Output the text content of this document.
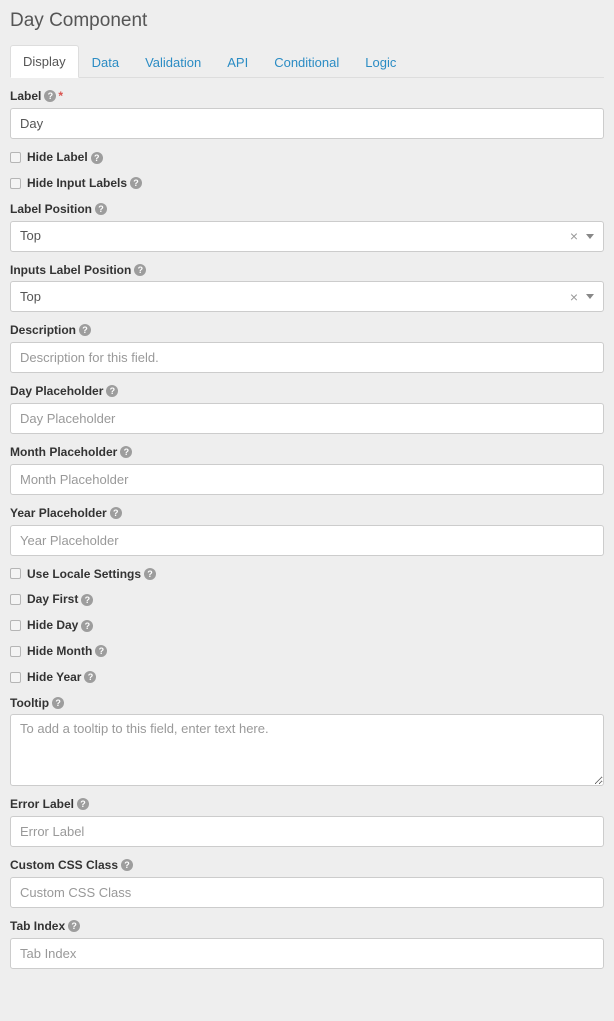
Day Component
Display	Data	Validation	API	Conditional	Logic
Label ? *
Day
Hide Label ?
Hide Input Labels ?
Label Position ?
Top	×
Inputs Label Position ?
Top	×
Description ?
Description for this field.
Day Placeholder ?
Day Placeholder
Month Placeholder ?
Month Placeholder
Year Placeholder ?
Year Placeholder
Use Locale Settings ?
Day First ?
Hide Day ?
Hide Month ?
Hide Year ?
Tooltip ?
To add a tooltip to this field, enter text here.
Error Label ?
Error Label
Custom CSS Class ?
Custom CSS Class
Tab Index ?
Tab Index
